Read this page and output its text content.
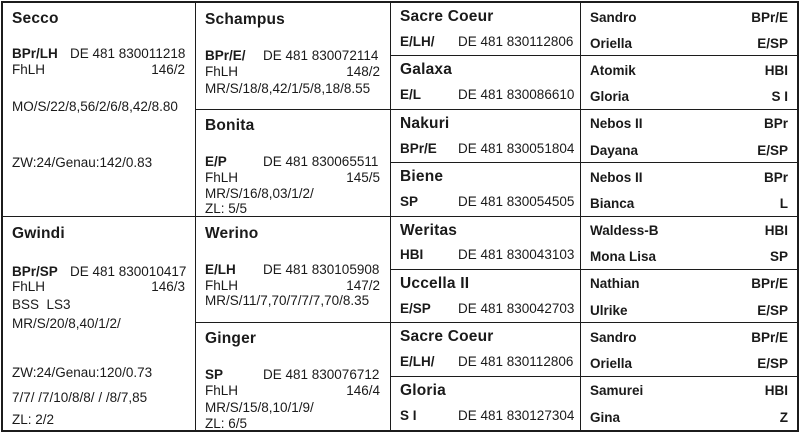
Secco
BPr/LH DE 481 830011218
FhLH	146/2
MO/S/22/8,56/2/6/8,42/8.80
ZW:24/Genau:142/0.83
Gwindi
BPr/SP DE 481 830010417
FhLH	146/3
BSS  LS3
MR/S/20/8,40/1/2/
ZW:24/Genau:120/0.73
7/7/ /7/10/8/8/ / /8/7,85
ZL: 2/2
Schampus
BPr/E/ DE 481 830072114
FhLH	148/2
MR/S/18/8,42/1/5/8,18/8.55
Bonita
E/P	DE 481 830065511
FhLH	145/5
MR/S/16/8,03/1/2/
ZL: 5/5
Werino
E/LH DE 481 830105908
FhLH	147/2
MR/S/11/7,70/7/7/7,70/8.35
Ginger
SP	DE 481 830076712
FhLH	146/4
MR/S/15/8,10/1/9/
ZL: 6/5
Sacre Coeur
E/LH/ DE 481 830112806
Galaxa
E/L	DE 481 830086610
Nakuri
BPr/E DE 481 830051804
Biene
SP	DE 481 830054505
Weritas
HBI	DE 481 830043103
Uccella II
E/SP DE 481 830042703
Sacre Coeur
E/LH/ DE 481 830112806
Gloria
S I	DE 481 830127304
Sandro	BPr/E
Oriella	E/SP
Atomik	HBI
Gloria	S I
Nebos II	BPr
Dayana	E/SP
Nebos II	BPr
Bianca	L
Waldess-B	HBI
Mona Lisa	SP
Nathian	BPr/E
Ulrike	E/SP
Sandro	BPr/E
Oriella	E/SP
Samurei	HBI
Gina	Z
